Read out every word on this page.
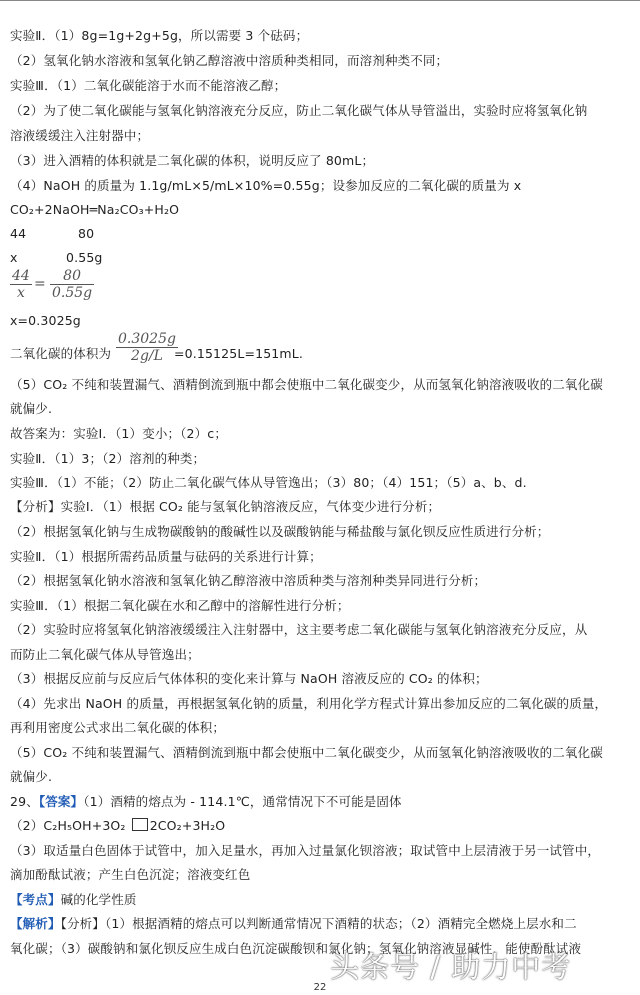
实验Ⅱ．（1）8g=1g+2g+5g，所以需要 3 个砝码；
（2）氢氧化钠水溶液和氢氧化钠乙醇溶液中溶质种类相同，而溶剂种类不同；
实验Ⅲ．（1）二氧化碳能溶于水而不能溶液乙醇；
（2）为了使二氧化碳能与氢氧化钠溶液充分反应，防止二氧化碳气体从导管溢出，实验时应将氢氧化钠
溶液缓缓注入注射器中；
（3）进入酒精的体积就是二氧化碳的体积，说明反应了 80mL；
（4）NaOH 的质量为 1.1g/mL×5/mL×10%=0.55g；设参加反应的二氧化碳的质量为 x
CO₂+2NaOH═Na₂CO₃+H₂O
44	80
x	0.55g
44
x
= 80
0.55g
x=0.3025g
二氧化碳的体积为
0.3025g
2g/L =0.15125L=151mL.
（5）CO₂ 不纯和装置漏气、酒精倒流到瓶中都会使瓶中二氧化碳变少，从而氢氧化钠溶液吸收的二氧化碳
就偏少.
故答案为：实验Ⅰ．（1）变小；（2）c；
实验Ⅱ．（1）3；（2）溶剂的种类；
实验Ⅲ．（1）不能；（2）防止二氧化碳气体从导管逸出；（3）80；（4）151；（5）a、b、d.
【分析】实验Ⅰ．（1）根据 CO₂ 能与氢氧化钠溶液反应，气体变少进行分析；
（2）根据氢氧化钠与生成物碳酸钠的酸碱性以及碳酸钠能与稀盐酸与氯化钡反应性质进行分析；
实验Ⅱ．（1）根据所需药品质量与砝码的关系进行计算；
（2）根据氢氧化钠水溶液和氢氧化钠乙醇溶液中溶质种类与溶剂种类异同进行分析；
实验Ⅲ．（1）根据二氧化碳在水和乙醇中的溶解性进行分析；
（2）实验时应将氢氧化钠溶液缓缓注入注射器中，这主要考虑二氧化碳能与氢氧化钠溶液充分反应，从
而防止二氧化碳气体从导管逸出；
（3）根据反应前与反应后气体体积的变化来计算与 NaOH 溶液反应的 CO₂ 的体积；
（4）先求出 NaOH 的质量，再根据氢氧化钠的质量，利用化学方程式计算出参加反应的二氧化碳的质量，
再利用密度公式求出二氧化碳的体积；
（5）CO₂ 不纯和装置漏气、酒精倒流到瓶中都会使瓶中二氧化碳变少，从而氢氧化钠溶液吸收的二氧化碳
就偏少.
29、【答案】（1）酒精的熔点为 - 114.1℃，通常情况下不可能是固体
（2）C₂H₅OH+3O₂ 2CO₂+3H₂O
（3）取适量白色固体于试管中，加入足量水，再加入过量氯化钡溶液；取试管中上层清液于另一试管中，
滴加酚酞试液；产生白色沉淀；溶液变红色
【考点】碱的化学性质
【解析】【分析】（1）根据酒精的熔点可以判断通常情况下酒精的状态；（2）酒精完全燃烧上层水和二
氧化碳；（3）碳酸钠和氯化钡反应生成白色沉淀碳酸钡和氯化钠；氢氧化钠溶液显碱性，能使酚酞试液
头条号 / 助力中考
22
